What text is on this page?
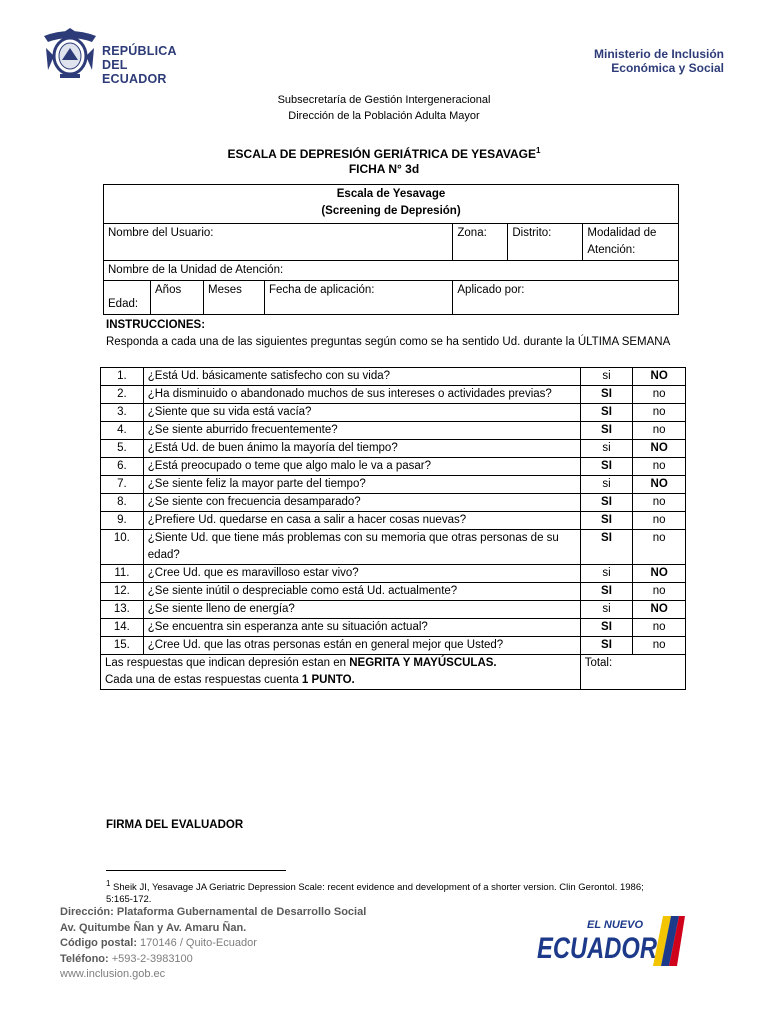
REPÚBLICA
DEL ECUADOR
Ministerio de Inclusión
Económica y Social
Subsecretaría de Gestión Intergeneracional
Dirección de la Población Adulta Mayor
ESCALA DE DEPRESIÓN GERIÁTRICA DE YESAVAGE$^1$
FICHA N° 3d
Escala de Yesavage
(Screening de Depresión)

Nombre del Usuario:	Zona:	Distrito:	Modalidad de
Atención:

Nombre de la Unidad de Atención:
Edad:	Años	Meses	Fecha de aplicación:	Aplicado por:
INSTRUCCIONES:
Responda a cada una de las siguientes preguntas según como se ha sentido Ud. durante la ÚLTIMA SEMANA
1.	¿Está Ud. básicamente satisfecho con su vida?	si	NO
2.	¿Ha disminuido o abandonado muchos de sus intereses o actividades previas?	SI	no
3.	¿Siente que su vida está vacía?	SI	no
4.	¿Se siente aburrido frecuentemente?	SI	no
5.	¿Está Ud. de buen ánimo la mayoría del tiempo?	si	NO
6.	¿Está preocupado o teme que algo malo le va a pasar?	SI	no
7.	¿Se siente feliz la mayor parte del tiempo?	si	NO
8.	¿Se siente con frecuencia desamparado?	SI	no
9.	¿Prefiere Ud. quedarse en casa a salir a hacer cosas nuevas?	SI	no
10.	¿Siente Ud. que tiene más problemas con su memoria que otras personas de su edad?	SI	no
11.	¿Cree Ud. que es maravilloso estar vivo?	si	NO
12.	¿Se siente inútil o despreciable como está Ud. actualmente?	SI	no
13.	¿Se siente lleno de energía?	si	NO
14.	¿Se encuentra sin esperanza ante su situación actual?	SI	no
15.	¿Cree Ud. que las otras personas están en general mejor que Usted?	SI	no

Las respuestas que indican depresión estan en NEGRITA Y MAYÚSCULAS.
Cada una de estas respuestas cuenta 1 PUNTO.		Total:	
FIRMA DEL EVALUADOR
$^1$ Sheik JI, Yesavage JA Geriatric Depression Scale: recent evidence and development of a shorter version. Clin Gerontol. 1986; 5:165-172.
Dirección: Plataforma Gubernamental de Desarrollo Social
Av. Quitumbe Ñan y Av. Amaru Ñan.
Código postal: 170146 / Quito-Ecuador
Teléfono: +593-2-3983100
www.inclusion.gob.ec
EL NUEVO
ECUADOR
